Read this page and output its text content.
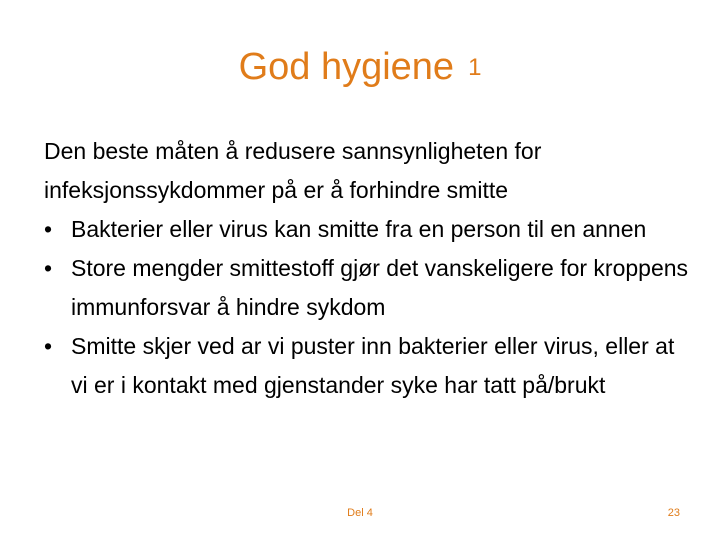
God hygiene 1

Den beste måten å redusere sannsynligheten for infeksjonssykdommer på er å forhindre smitte

• Bakterier eller virus kan smitte fra en person til en annen
• Store mengder smittestoff gjør det vanskeligere for kroppens immunforsvar å hindre sykdom
• Smitte skjer ved ar vi puster inn bakterier eller virus, eller at vi er i kontakt med gjenstander syke har tatt på/brukt
Del 4	23
